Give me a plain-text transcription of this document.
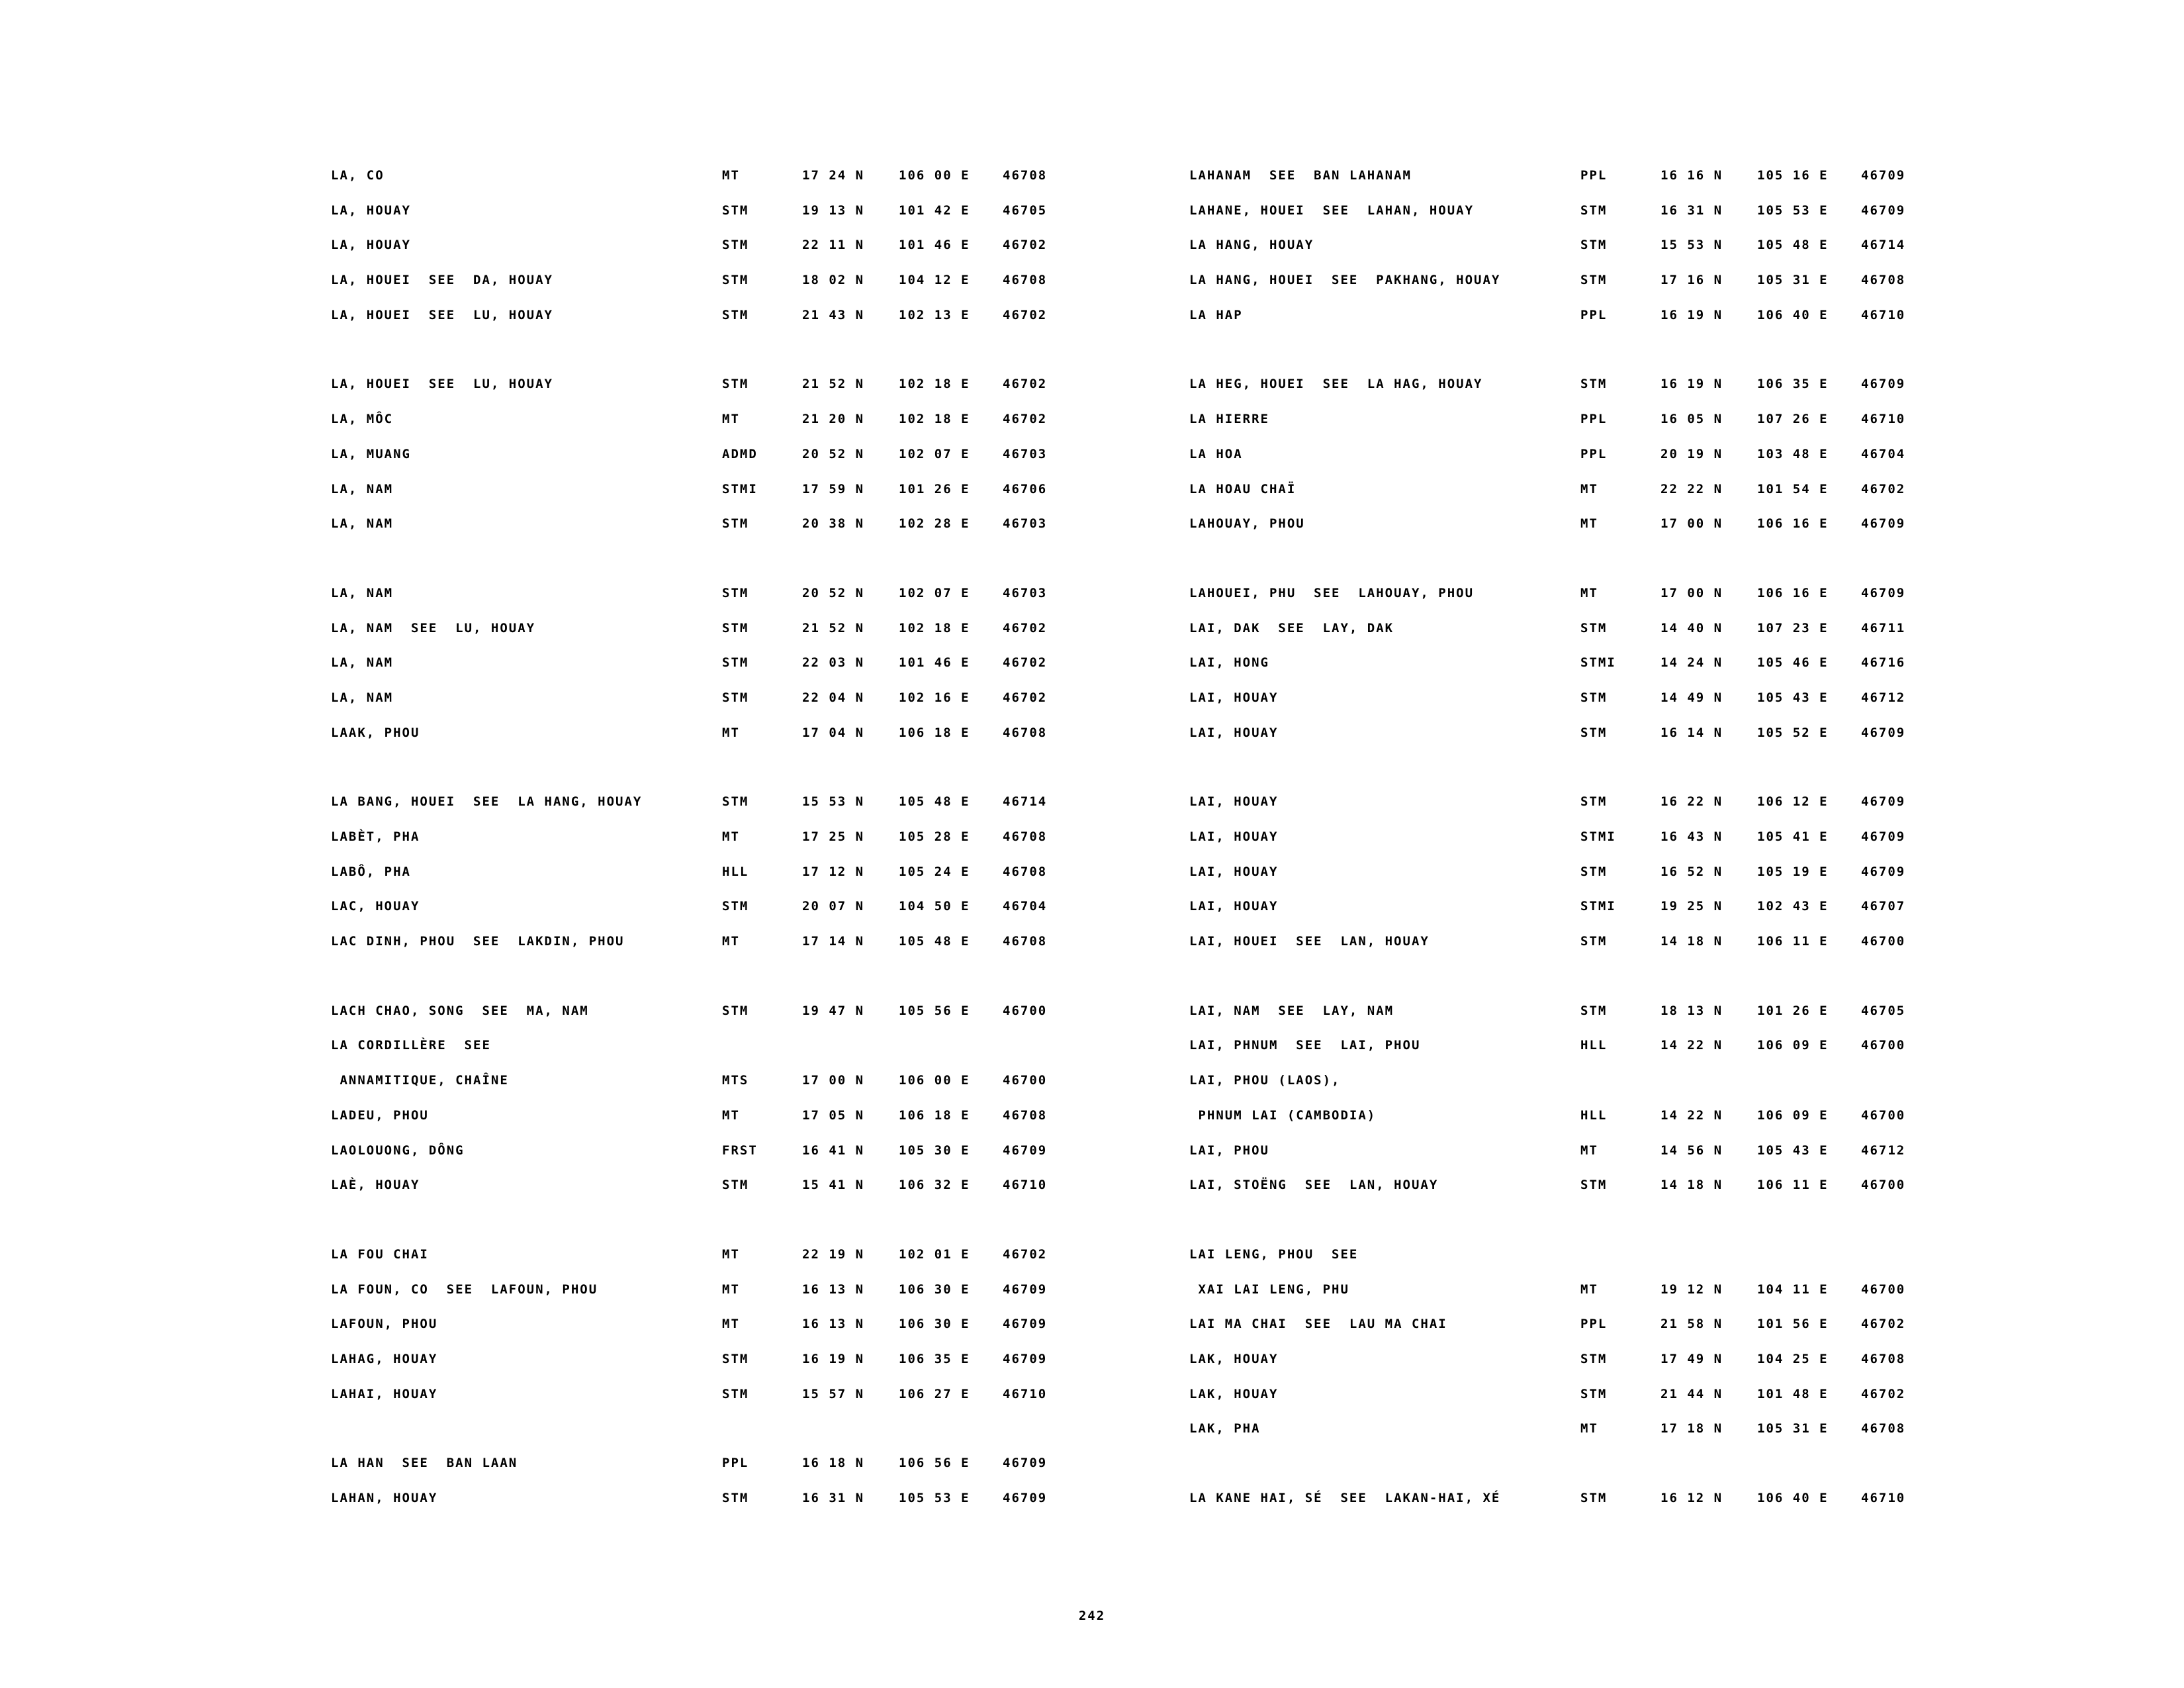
LA, CO	MT	17 24 N	106 00 E	46708
LA, HOUAY	STM	19 13 N	101 42 E	46705
LA, HOUAY	STM	22 11 N	101 46 E	46702
LA, HOUEI  SEE  DA, HOUAY	STM	18 02 N	104 12 E	46708
LA, HOUEI  SEE  LU, HOUAY	STM	21 43 N	102 13 E	46702
LA, HOUEI  SEE  LU, HOUAY	STM	21 52 N	102 18 E	46702
LA, MÔC	MT	21 20 N	102 18 E	46702
LA, MUANG	ADMD	20 52 N	102 07 E	46703
LA, NAM	STMI	17 59 N	101 26 E	46706
LA, NAM	STM	20 38 N	102 28 E	46703
LA, NAM	STM	20 52 N	102 07 E	46703
LA, NAM  SEE  LU, HOUAY	STM	21 52 N	102 18 E	46702
LA, NAM	STM	22 03 N	101 46 E	46702
LA, NAM	STM	22 04 N	102 16 E	46702
LAAK, PHOU	MT	17 04 N	106 18 E	46708
LA BANG, HOUEI  SEE  LA HANG, HOUAY	STM	15 53 N	105 48 E	46714
LABÈT, PHA	MT	17 25 N	105 28 E	46708
LABÔ, PHA	HLL	17 12 N	105 24 E	46708
LAC, HOUAY	STM	20 07 N	104 50 E	46704
LAC DINH, PHOU  SEE  LAKDIN, PHOU	MT	17 14 N	105 48 E	46708
LACH CHAO, SONG  SEE  MA, NAM	STM	19 47 N	105 56 E	46700
LA CORDILLÈRE  SEE
ANNAMITIQUE, CHAÎNE	MTS	17 00 N	106 00 E	46700
LADEU, PHOU	MT	17 05 N	106 18 E	46708
LAOLOUONG, DÔNG	FRST	16 41 N	105 30 E	46709
LAÈ, HOUAY	STM	15 41 N	106 32 E	46710
LA FOU CHAI	MT	22 19 N	102 01 E	46702
LA FOUN, CO  SEE  LAFOUN, PHOU	MT	16 13 N	106 30 E	46709
LAFOUN, PHOU	MT	16 13 N	106 30 E	46709
LAHAG, HOUAY	STM	16 19 N	106 35 E	46709
LAHAI, HOUAY	STM	15 57 N	106 27 E	46710
LA HAN  SEE  BAN LAAN	PPL	16 18 N	106 56 E	46709
LAHAN, HOUAY	STM	16 31 N	105 53 E	46709
LAHANAM  SEE  BAN LAHANAM	PPL	16 16 N	105 16 E	46709
LAHANE, HOUEI  SEE  LAHAN, HOUAY	STM	16 31 N	105 53 E	46709
LA HANG, HOUAY	STM	15 53 N	105 48 E	46714
LA HANG, HOUEI  SEE  PAKHANG, HOUAY	STM	17 16 N	105 31 E	46708
LA HAP	PPL	16 19 N	106 40 E	46710
LA HEG, HOUEI  SEE  LA HAG, HOUAY	STM	16 19 N	106 35 E	46709
LA HIERRE	PPL	16 05 N	107 26 E	46710
LA HOA	PPL	20 19 N	103 48 E	46704
LA HOAU CHAÏ	MT	22 22 N	101 54 E	46702
LAHOUAY, PHOU	MT	17 00 N	106 16 E	46709
LAHOUEI, PHU  SEE  LAHOUAY, PHOU	MT	17 00 N	106 16 E	46709
LAI, DAK  SEE  LAY, DAK	STM	14 40 N	107 23 E	46711
LAI, HONG	STMI	14 24 N	105 46 E	46716
LAI, HOUAY	STM	14 49 N	105 43 E	46712
LAI, HOUAY	STM	16 14 N	105 52 E	46709
LAI, HOUAY	STM	16 22 N	106 12 E	46709
LAI, HOUAY	STMI	16 43 N	105 41 E	46709
LAI, HOUAY	STM	16 52 N	105 19 E	46709
LAI, HOUAY	STMI	19 25 N	102 43 E	46707
LAI, HOUEI  SEE  LAN, HOUAY	STM	14 18 N	106 11 E	46700
LAI, NAM  SEE  LAY, NAM	STM	18 13 N	101 26 E	46705
LAI, PHNUM  SEE  LAI, PHOU	HLL	14 22 N	106 09 E	46700
LAI, PHOU (LAOS),
PHNUM LAI (CAMBODIA)	HLL	14 22 N	106 09 E	46700
LAI, PHOU	MT	14 56 N	105 43 E	46712
LAI, STOËNG  SEE  LAN, HOUAY	STM	14 18 N	106 11 E	46700
LAI LENG, PHOU  SEE
XAI LAI LENG, PHU	MT	19 12 N	104 11 E	46700
LAI MA CHAI  SEE  LAU MA CHAI	PPL	21 58 N	101 56 E	46702
LAK, HOUAY	STM	17 49 N	104 25 E	46708
LAK, HOUAY	STM	21 44 N	101 48 E	46702
LAK, PHA	MT	17 18 N	105 31 E	46708
LA KANE HAI, SÉ  SEE  LAKAN-HAI, XÉ	STM	16 12 N	106 40 E	46710
242
